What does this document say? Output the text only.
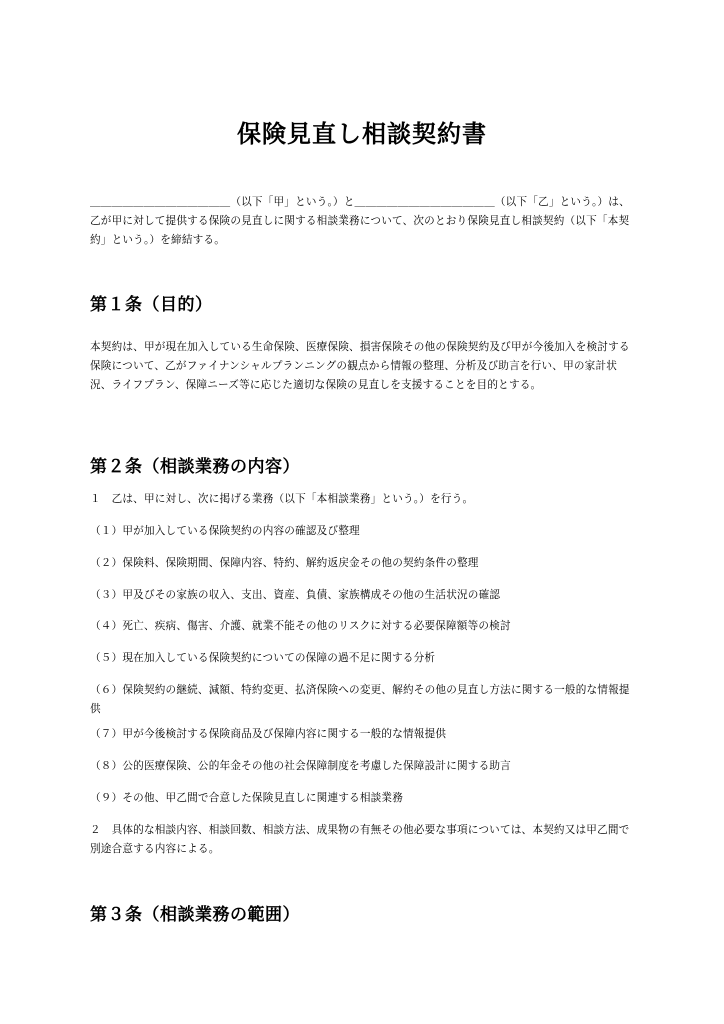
保険見直し相談契約書
＿＿＿＿＿＿＿＿＿＿＿＿＿（以下「甲」という。）と＿＿＿＿＿＿＿＿＿＿＿＿＿（以下「乙」という。）は、乙が甲に対して提供する保険の見直しに関する相談業務について、次のとおり保険見直し相談契約（以下「本契約」という。）を締結する。
第１条（目的）
本契約は、甲が現在加入している生命保険、医療保険、損害保険その他の保険契約及び甲が今後加入を検討する保険について、乙がファイナンシャルプランニングの観点から情報の整理、分析及び助言を行い、甲の家計状況、ライフプラン、保障ニーズ等に応じた適切な保険の見直しを支援することを目的とする。
第２条（相談業務の内容）
１　乙は、甲に対し、次に掲げる業務（以下「本相談業務」という。）を行う。
（１）甲が加入している保険契約の内容の確認及び整理
（２）保険料、保険期間、保障内容、特約、解約返戻金その他の契約条件の整理
（３）甲及びその家族の収入、支出、資産、負債、家族構成その他の生活状況の確認
（４）死亡、疾病、傷害、介護、就業不能その他のリスクに対する必要保障額等の検討
（５）現在加入している保険契約についての保障の過不足に関する分析
（６）保険契約の継続、減額、特約変更、払済保険への変更、解約その他の見直し方法に関する一般的な情報提供
（７）甲が今後検討する保険商品及び保障内容に関する一般的な情報提供
（８）公的医療保険、公的年金その他の社会保障制度を考慮した保障設計に関する助言
（９）その他、甲乙間で合意した保険見直しに関連する相談業務
２　具体的な相談内容、相談回数、相談方法、成果物の有無その他必要な事項については、本契約又は甲乙間で別途合意する内容による。
第３条（相談業務の範囲）
